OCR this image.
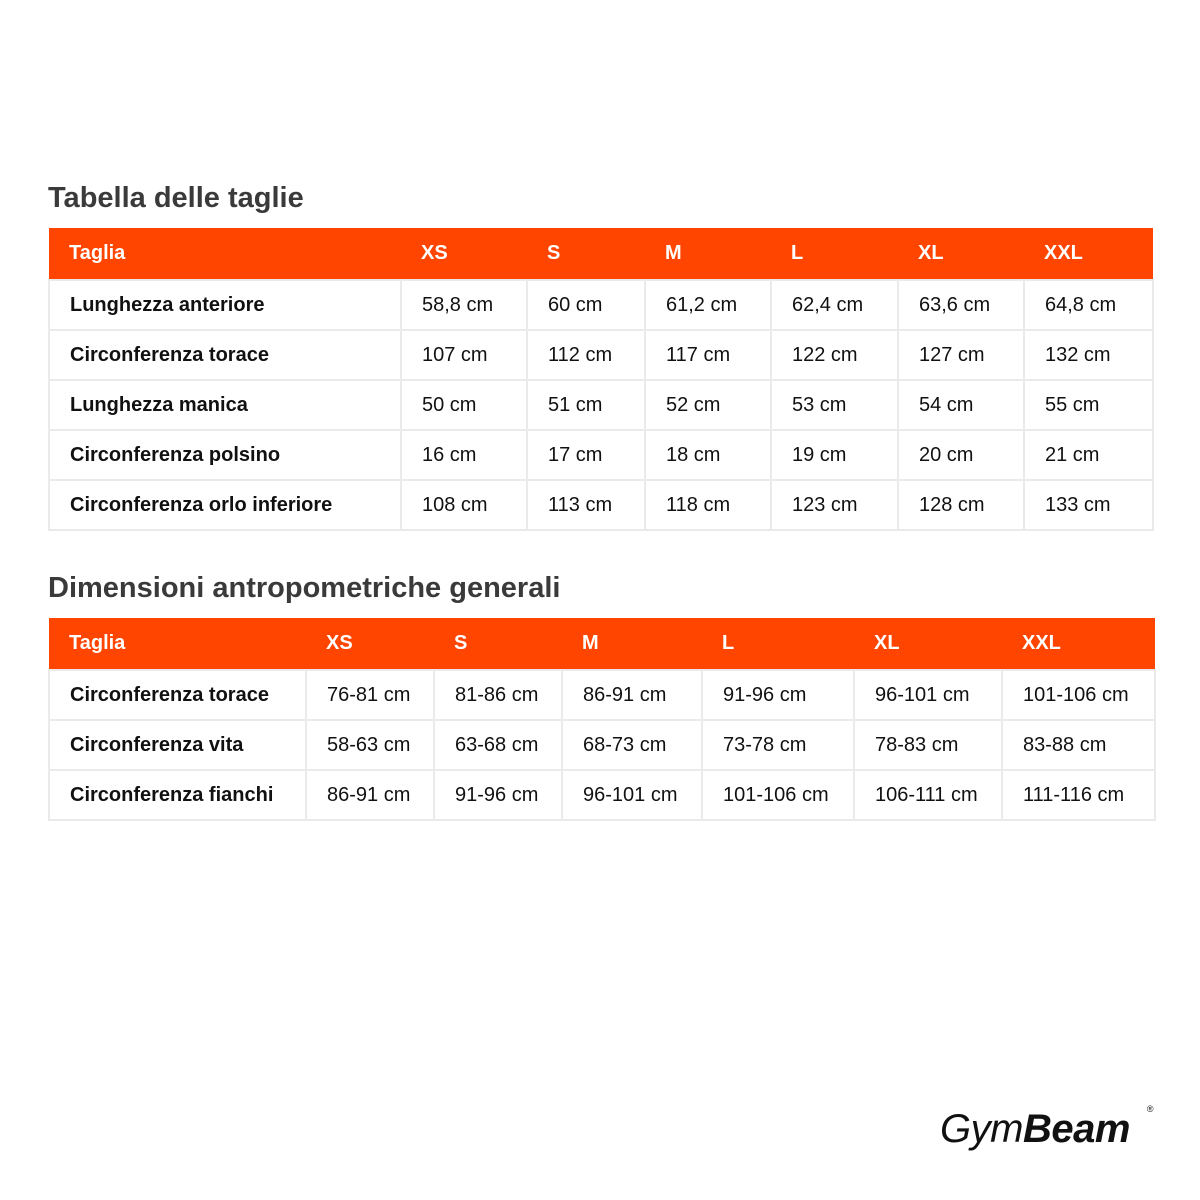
Tabella delle taglie
Taglia	XS	S	M	L	XL	XXL
Lunghezza anteriore	58,8 cm	60 cm	61,2 cm	62,4 cm	63,6 cm	64,8 cm
Circonferenza torace	107 cm	112 cm	117 cm	122 cm	127 cm	132 cm
Lunghezza manica	50 cm	51 cm	52 cm	53 cm	54 cm	55 cm
Circonferenza polsino	16 cm	17 cm	18 cm	19 cm	20 cm	21 cm
Circonferenza orlo inferiore	108 cm	113 cm	118 cm	123 cm	128 cm	133 cm
Dimensioni antropometriche generali
Taglia	XS	S	M	L	XL	XXL
Circonferenza torace	76-81 cm	81-86 cm	86-91 cm	91-96 cm	96-101 cm	101-106 cm
Circonferenza vita	58-63 cm	63-68 cm	68-73 cm	73-78 cm	78-83 cm	83-88 cm
Circonferenza fianchi	86-91 cm	91-96 cm	96-101 cm	101-106 cm	106-111 cm	111-116 cm
GymBeam ®
